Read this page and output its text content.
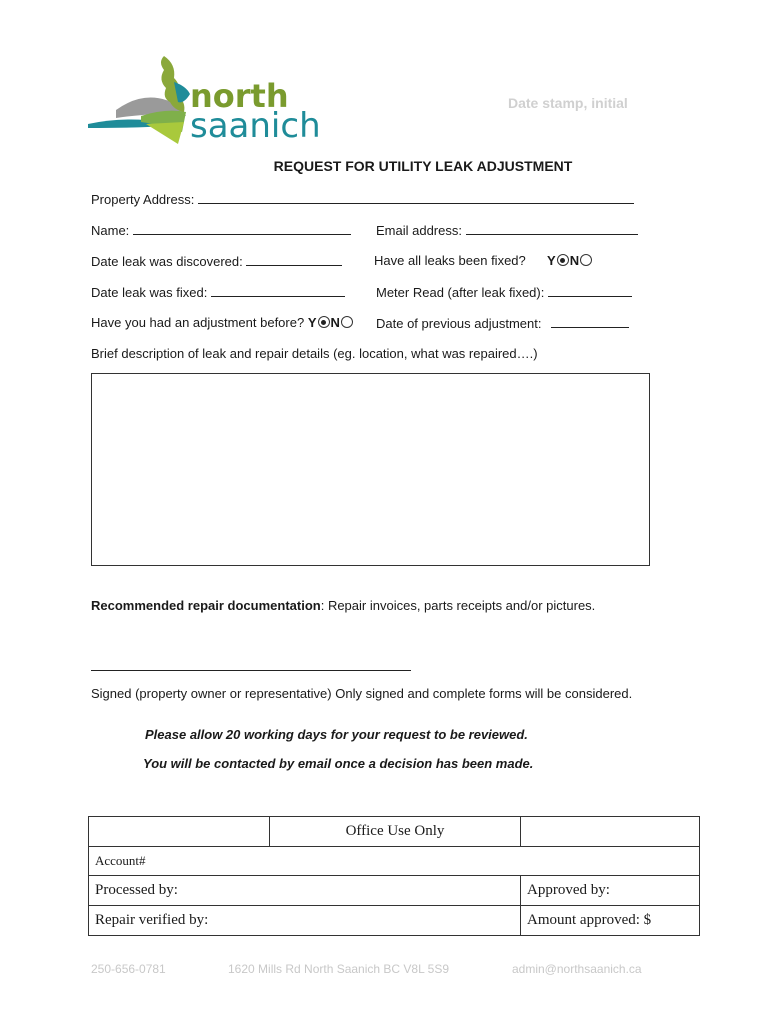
north
saanich
Date stamp, initial
REQUEST FOR UTILITY LEAK ADJUSTMENT
Property Address:
Name:	Email address:
Date leak was discovered:	Have all leaks been fixed? Y N
Date leak was fixed:	Meter Read (after leak fixed):
Have you had an adjustment before? Y N	Date of previous adjustment:
Brief description of leak and repair details (eg. location, what was repaired….)
Recommended repair documentation: Repair invoices, parts receipts and/or pictures.
Signed (property owner or representative) Only signed and complete forms will be considered.
Please allow 20 working days for your request to be reviewed.
You will be contacted by email once a decision has been made.
	Office Use Only	
Account#		
Processed by:		Approved by:
Repair verified by:		Amount approved: $
250-656-0781	1620 Mills Rd North Saanich BC V8L 5S9	admin@northsaanich.ca
